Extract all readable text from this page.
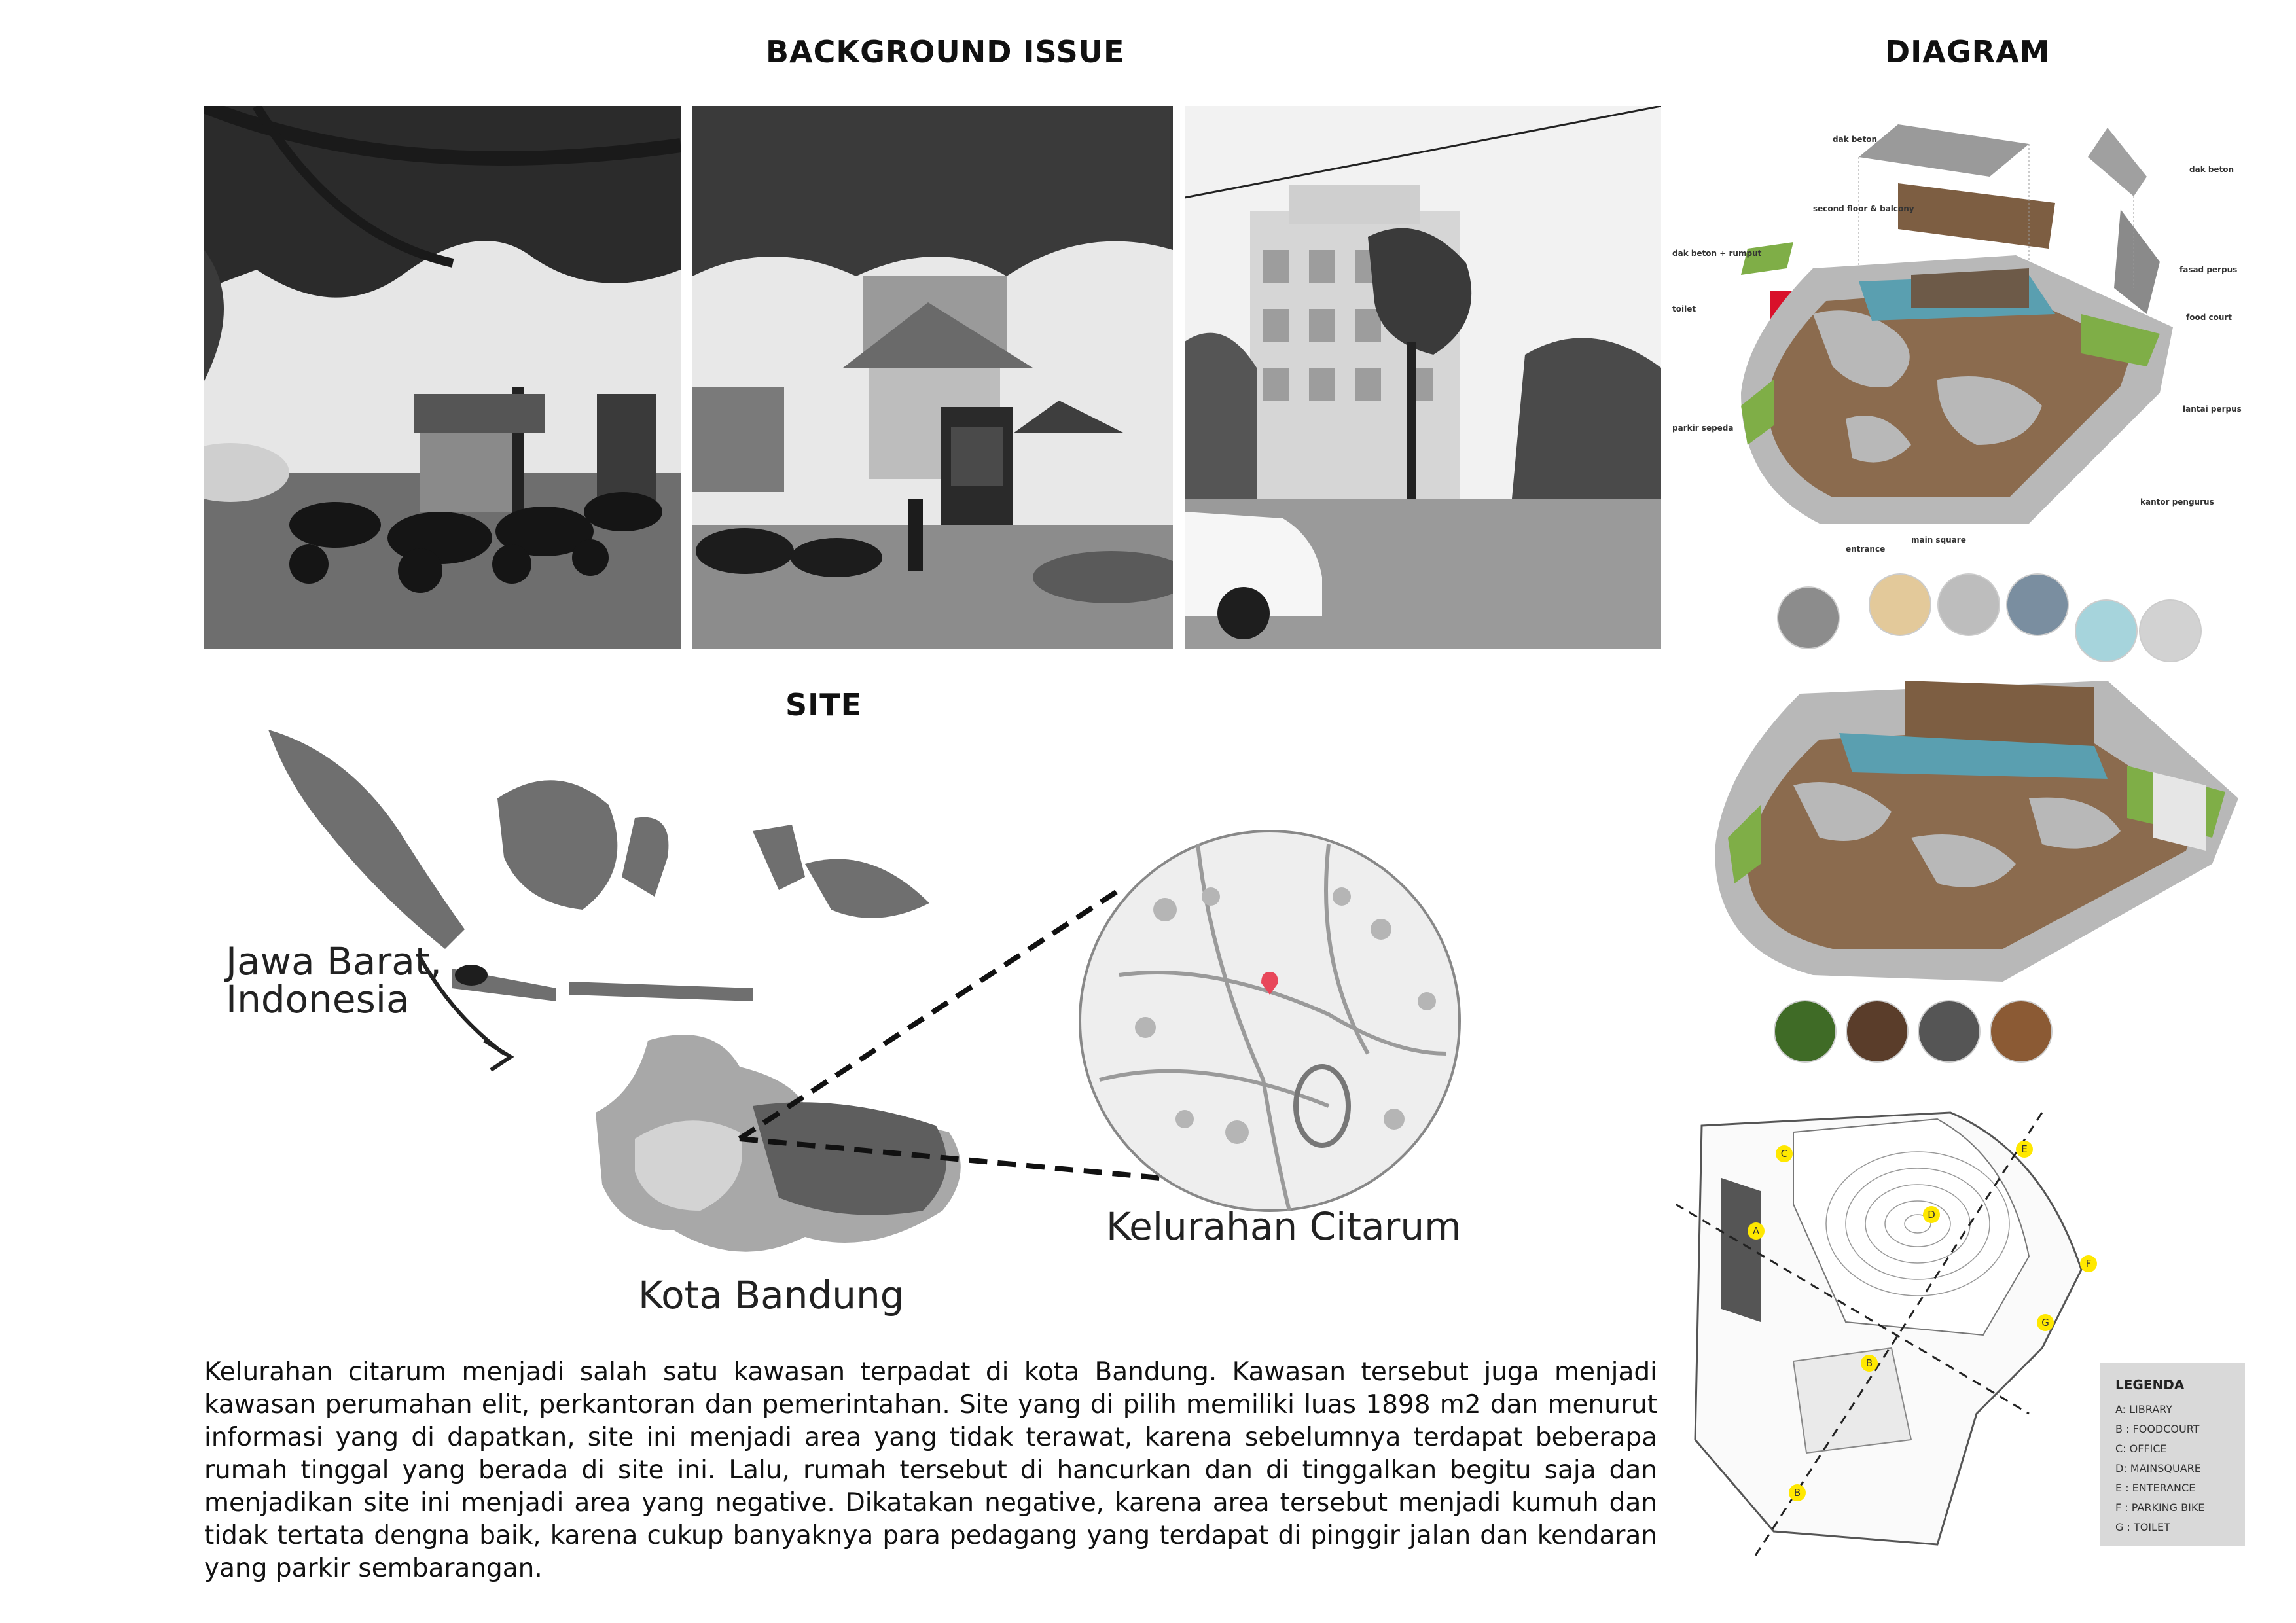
BACKGROUND ISSUE	DIAGRAM
SITE
Jawa Barat,
Indonesia
Kota Bandung
Kelurahan Citarum
Kelurahan citarum menjadi salah satu kawasan terpadat di kota Bandung. Kawasan tersebut juga menjadi kawasan perumahan elit, perkantoran dan pemerintahan. Site yang di pilih memiliki luas 1898 m2 dan menurut informasi yang di dapatkan, site ini menjadi area yang tidak terawat, karena sebelumnya terdapat beberapa rumah tinggal yang berada di site ini. Lalu, rumah tersebut di hancurkan dan di tinggalkan begitu saja dan menjadikan site ini menjadi area yang negative. Dikatakan negative, karena area tersebut menjadi kumuh dan tidak tertata dengna baik, karena cukup banyaknya para pedagang yang terdapat di pinggir jalan dan kendaran yang parkir sembarangan.
dak beton
dak beton
second floor & balcony
dak beton + rumput
toilet
fasad perpus
food court
lantai perpus
parkir sepeda
kantor pengurus
main square
entrance
C
A
D
E
F
G
B
B
LEGENDA
A: LIBRARY
B : FOODCOURT
C: OFFICE
D: MAINSQUARE
E : ENTERANCE
F : PARKING BIKE
G : TOILET
